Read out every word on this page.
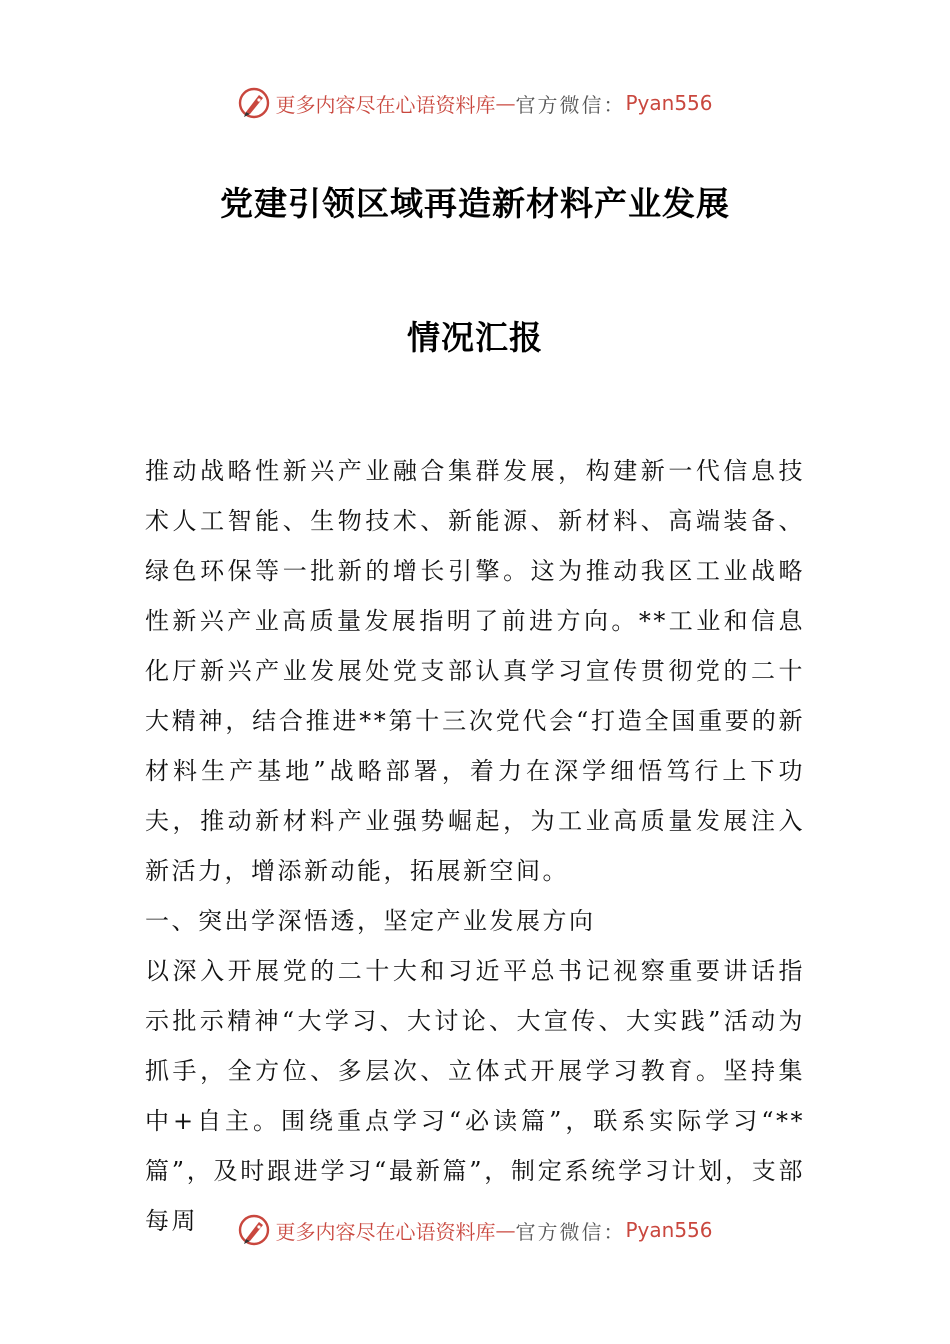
更多内容尽在心语资料库 — 官方微信： Pyan556
党建引领区域再造新材料产业发展
情况汇报

推动战略性新兴产业融合集群发展，构建新一代信息技术人工智能、生物技术、新能源、新材料、高端装备、绿色环保等一批新的增长引擎。这为推动我区工业战略性新兴产业高质量发展指明了前进方向。**工业和信息化厅新兴产业发展处党支部认真学习宣传贯彻党的二十大精神，结合推进**第十三次党代会“打造全国重要的新材料生产基地”战略部署，着力在深学细悟笃行上下功夫，推动新材料产业强势崛起，为工业高质量发展注入新活力，增添新动能，拓展新空间。

一、突出学深悟透，坚定产业发展方向

以深入开展党的二十大和习近平总书记视察重要讲话指示批示精神“大学习、大讨论、大宣传、大实践”活动为抓手，全方位、多层次、立体式开展学习教育。坚持集中+自主。围绕重点学习“必读篇”，联系实际学习“**篇”，及时跟进学习“最新篇”，制定系统学习计划，支部每周	更多内容尽在心语资料库 — 官方微信： Pyan556
